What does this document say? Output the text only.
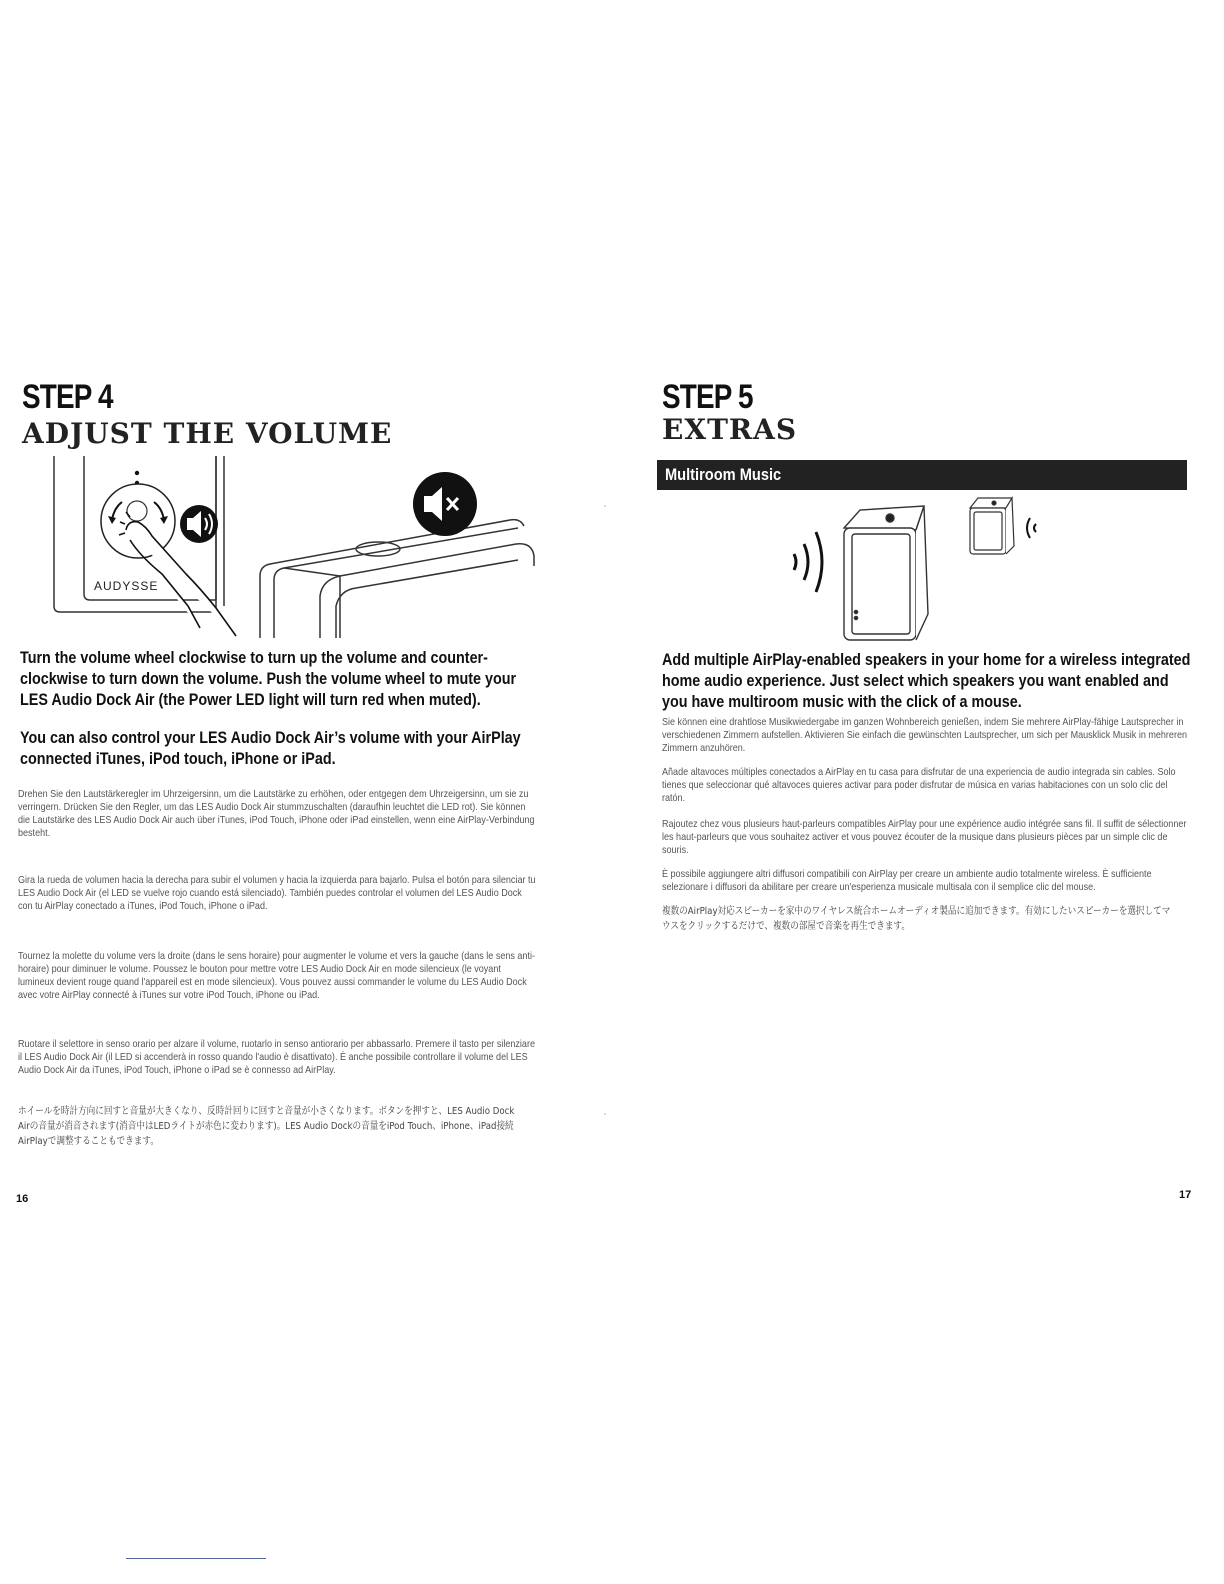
STEP 4
ADJUST THE VOLUME
AUDYSSE

Turn the volume wheel clockwise to turn up the volume and counter-clockwise to turn down the volume. Push the volume wheel to mute your LES Audio Dock Air (the Power LED light will turn red when muted).

You can also control your LES Audio Dock Air’s volume with your AirPlay connected iTunes, iPod touch, iPhone or iPad.

Drehen Sie den Lautstärkeregler im Uhrzeigersinn, um die Lautstärke zu erhöhen, oder entgegen dem Uhrzeigersinn, um sie zu verringern. Drücken Sie den Regler, um das LES Audio Dock Air stummzuschalten (daraufhin leuchtet die LED rot). Sie können die Lautstärke des LES Audio Dock Air auch über iTunes, iPod Touch, iPhone oder iPad einstellen, wenn eine AirPlay-Verbindung besteht.

Gira la rueda de volumen hacia la derecha para subir el volumen y hacia la izquierda para bajarlo. Pulsa el botón para silenciar tu LES Audio Dock Air (el LED se vuelve rojo cuando está silenciado). También puedes controlar el volumen del LES Audio Dock con tu AirPlay conectado a iTunes, iPod Touch, iPhone o iPad.

Tournez la molette du volume vers la droite (dans le sens horaire) pour augmenter le volume et vers la gauche (dans le sens anti-horaire) pour diminuer le volume. Poussez le bouton pour mettre votre LES Audio Dock Air en mode silencieux (le voyant lumineux devient rouge quand l'appareil est en mode silencieux). Vous pouvez aussi commander le volume du LES Audio Dock avec votre AirPlay connecté à iTunes sur votre iPod Touch, iPhone ou iPad.

Ruotare il selettore in senso orario per alzare il volume, ruotarlo in senso antiorario per abbassarlo. Premere il tasto per silenziare il LES Audio Dock Air (il LED si accenderà in rosso quando l'audio è disattivato). È anche possibile controllare il volume del LES Audio Dock Air da iTunes, iPod Touch, iPhone o iPad se è connesso ad AirPlay.

ホイールを時計方向に回すと音量が大きくなり、反時計回りに回すと音量が小さくなります。ボタンを押すと、LES Audio Dock Airの音量が消音されます(消音中はLEDライトが赤色に変わります)。LES Audio Dockの音量をiPod Touch、iPhone、iPad接続AirPlayで調整することもできます。

16
STEP 5
EXTRAS
Multiroom Music

Add multiple AirPlay-enabled speakers in your home for a wireless integrated home audio experience. Just select which speakers you want enabled and you have multiroom music with the click of a mouse.

Sie können eine drahtlose Musikwiedergabe im ganzen Wohnbereich genießen, indem Sie mehrere AirPlay-fähige Lautsprecher in verschiedenen Zimmern aufstellen. Aktivieren Sie einfach die gewünschten Lautsprecher, um sich per Mausklick Musik in mehreren Zimmern anzuhören.

Añade altavoces múltiples conectados a AirPlay en tu casa para disfrutar de una experiencia de audio integrada sin cables. Solo tienes que seleccionar qué altavoces quieres activar para poder disfrutar de música en varias habitaciones con un solo clic del ratón.

Rajoutez chez vous plusieurs haut-parleurs compatibles AirPlay pour une expérience audio intégrée sans fil. Il suffit de sélectionner les haut-parleurs que vous souhaitez activer et vous pouvez écouter de la musique dans plusieurs pièces par un simple clic de souris.

È possibile aggiungere altri diffusori compatibili con AirPlay per creare un ambiente audio totalmente wireless. È sufficiente selezionare i diffusori da abilitare per creare un'esperienza musicale multisala con il semplice clic del mouse.

複数のAirPlay対応スピーカーを家中のワイヤレス統合ホームオーディオ製品に追加できます。有効にしたいスピーカーを選択してマウスをクリックするだけで、複数の部屋で音楽を再生できます。

17
